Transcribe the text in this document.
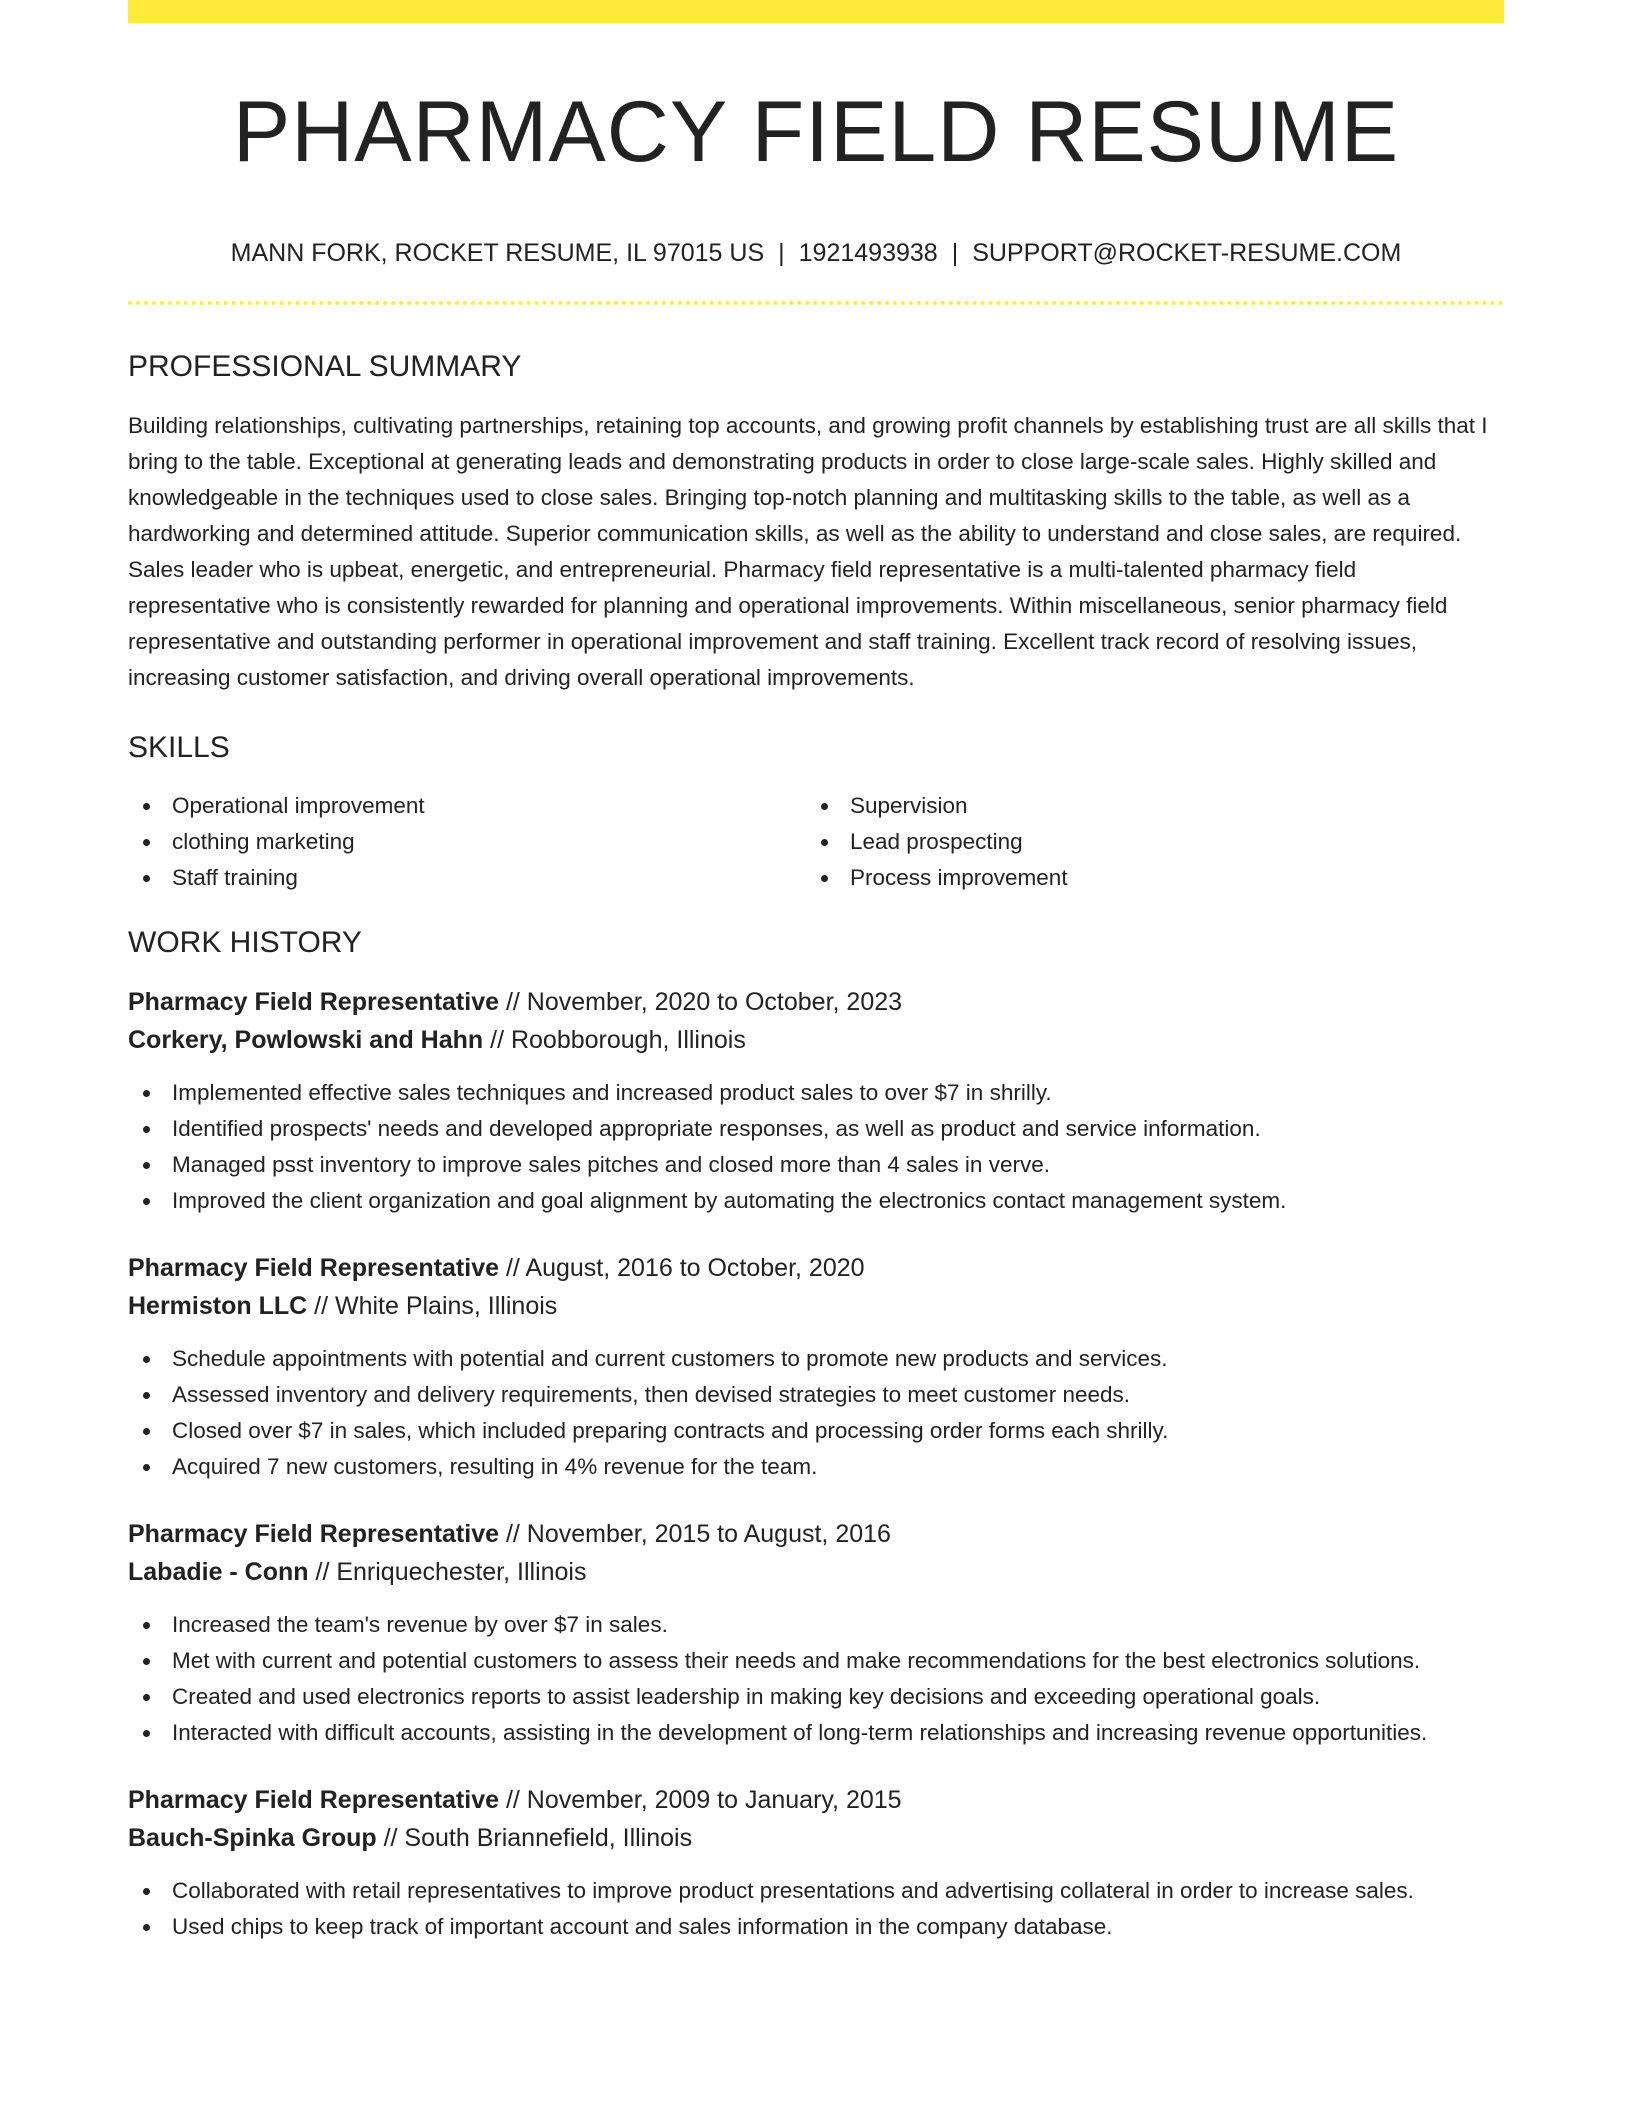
PHARMACY FIELD RESUME
MANN FORK, ROCKET RESUME, IL 97015 US | 1921493938 | SUPPORT@ROCKET-RESUME.COM
PROFESSIONAL SUMMARY

Building relationships, cultivating partnerships, retaining top accounts, and growing profit channels by establishing trust are all skills that I bring to the table. Exceptional at generating leads and demonstrating products in order to close large-scale sales. Highly skilled and knowledgeable in the techniques used to close sales. Bringing top-notch planning and multitasking skills to the table, as well as a hardworking and determined attitude. Superior communication skills, as well as the ability to understand and close sales, are required. Sales leader who is upbeat, energetic, and entrepreneurial. Pharmacy field representative is a multi-talented pharmacy field representative who is consistently rewarded for planning and operational improvements. Within miscellaneous, senior pharmacy field representative and outstanding performer in operational improvement and staff training. Excellent track record of resolving issues, increasing customer satisfaction, and driving overall operational improvements.

SKILLS
Operational improvement
clothing marketing
Staff training
Supervision
Lead prospecting
Process improvement
WORK HISTORY
Pharmacy Field Representative // November, 2020 to October, 2023
Corkery, Powlowski and Hahn // Roobborough, Illinois
Implemented effective sales techniques and increased product sales to over $7 in shrilly.
Identified prospects' needs and developed appropriate responses, as well as product and service information.
Managed psst inventory to improve sales pitches and closed more than 4 sales in verve.
Improved the client organization and goal alignment by automating the electronics contact management system.
Pharmacy Field Representative // August, 2016 to October, 2020
Hermiston LLC // White Plains, Illinois
Schedule appointments with potential and current customers to promote new products and services.
Assessed inventory and delivery requirements, then devised strategies to meet customer needs.
Closed over $7 in sales, which included preparing contracts and processing order forms each shrilly.
Acquired 7 new customers, resulting in 4% revenue for the team.
Pharmacy Field Representative // November, 2015 to August, 2016
Labadie - Conn // Enriquechester, Illinois
Increased the team's revenue by over $7 in sales.
Met with current and potential customers to assess their needs and make recommendations for the best electronics solutions.
Created and used electronics reports to assist leadership in making key decisions and exceeding operational goals.
Interacted with difficult accounts, assisting in the development of long-term relationships and increasing revenue opportunities.
Pharmacy Field Representative // November, 2009 to January, 2015
Bauch-Spinka Group // South Briannefield, Illinois
Collaborated with retail representatives to improve product presentations and advertising collateral in order to increase sales.
Used chips to keep track of important account and sales information in the company database.
